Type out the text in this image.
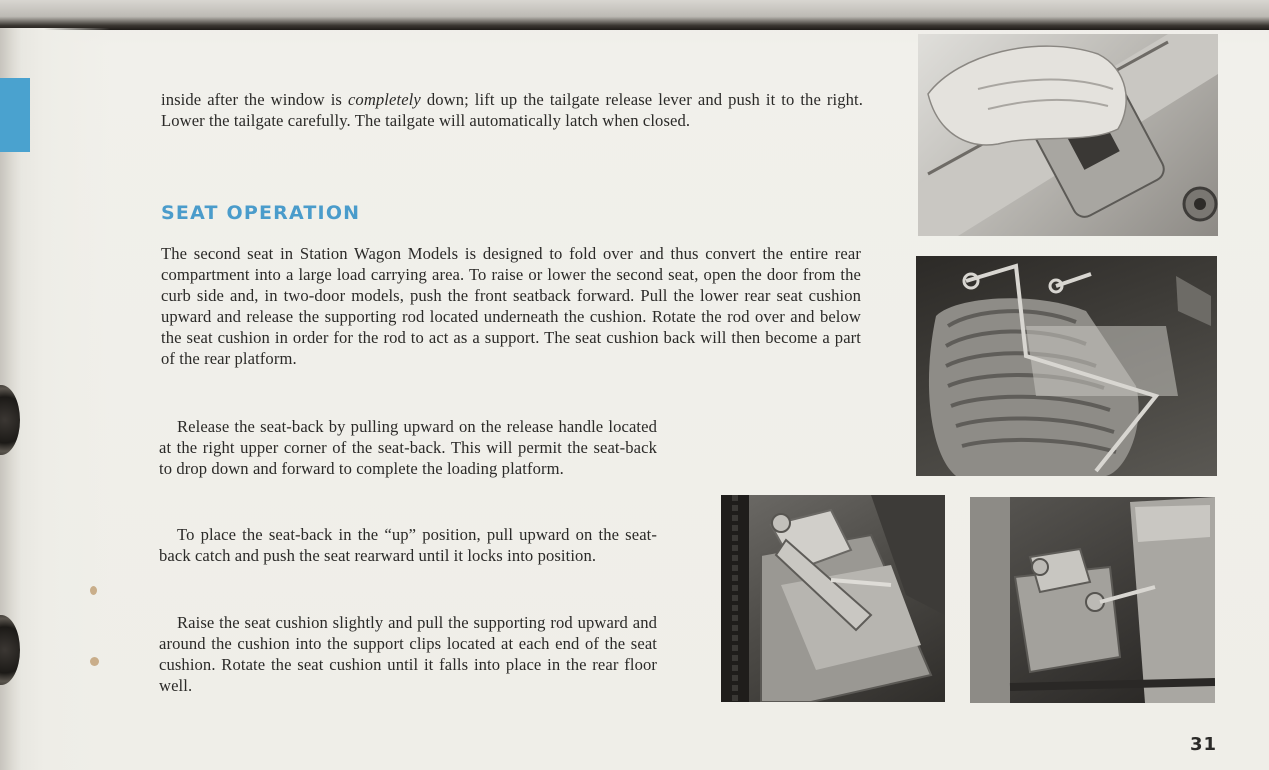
inside after the window is completely down; lift up the tailgate release lever and push it to the right. Lower the tailgate carefully. The tailgate will automatically latch when closed.

SEAT OPERATION

The second seat in Station Wagon Models is designed to fold over and thus convert the entire rear compartment into a large load carrying area. To raise or lower the second seat, open the door from the curb side and, in two-door models, push the front seatback forward. Pull the lower rear seat cushion upward and release the supporting rod located underneath the cushion. Rotate the rod over and below the seat cushion in order for the rod to act as a support. The seat cushion back will then become a part of the rear platform.

Release the seat-back by pulling upward on the release handle located at the right upper corner of the seat-back. This will permit the seat-back to drop down and forward to complete the loading platform.

To place the seat-back in the “up” position, pull upward on the seat-back catch and push the seat rearward until it locks into position.

Raise the seat cushion slightly and pull the supporting rod upward and around the cushion into the support clips located at each end of the seat cushion. Rotate the seat cushion until it falls into place in the rear floor well.

31
